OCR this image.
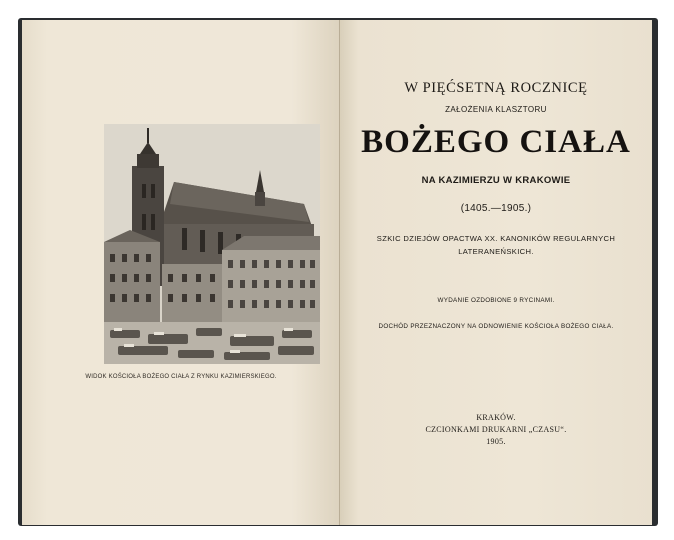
WIDOK KOŚCIOŁA BOŻEGO CIAŁA Z RYNKU KAZIMIERSKIEGO.
W PIĘĆSETNĄ ROCZNICĘ
ZAŁOŻENIA KLASZTORU
BOŻEGO CIAŁA
NA KAZIMIERZU W KRAKOWIE
(1405.—1905.)
SZKIC DZIEJÓW OPACTWA XX. KANONIKÓW REGULARNYCH
LATERANEŃSKICH.
WYDANIE OZDOBIONE 9 RYCINAMI.
DOCHÓD PRZEZNACZONY NA ODNOWIENIE KOŚCIOŁA BOŻEGO CIAŁA.
KRAKÓW.
CZCIONKAMI DRUKARNI „CZASU“.
1905.
